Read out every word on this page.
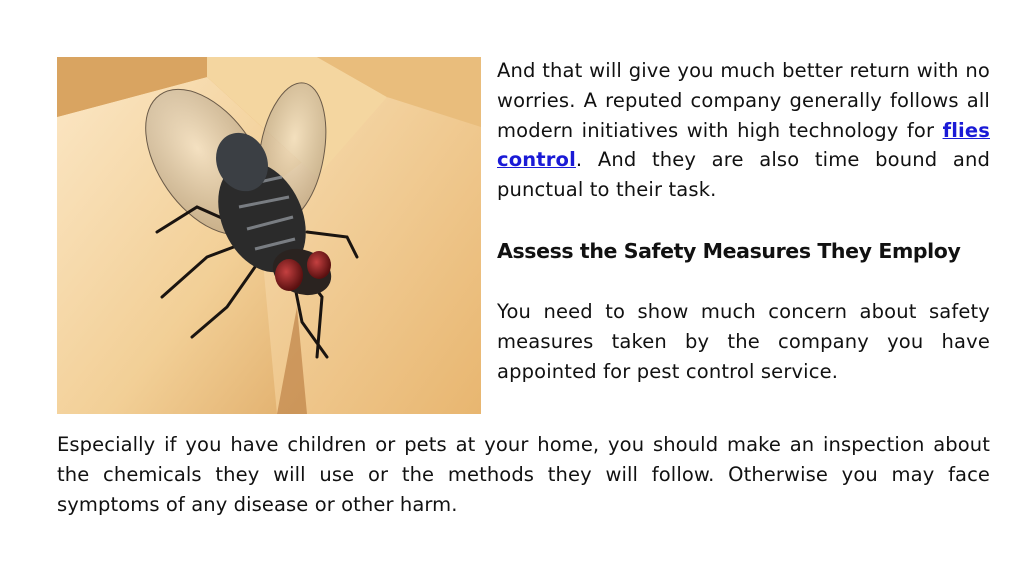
And that will give you much better return with no worries. A reputed company generally follows all modern initiatives with high technology for flies control. And they are also time bound and punctual to their task.

Assess the Safety Measures They Employ

You need to show much concern about safety measures taken by the company you have appointed for pest control service.

Especially if you have children or pets at your home, you should make an inspection about the chemicals they will use or the methods they will follow. Otherwise you may face symptoms of any disease or other harm.
